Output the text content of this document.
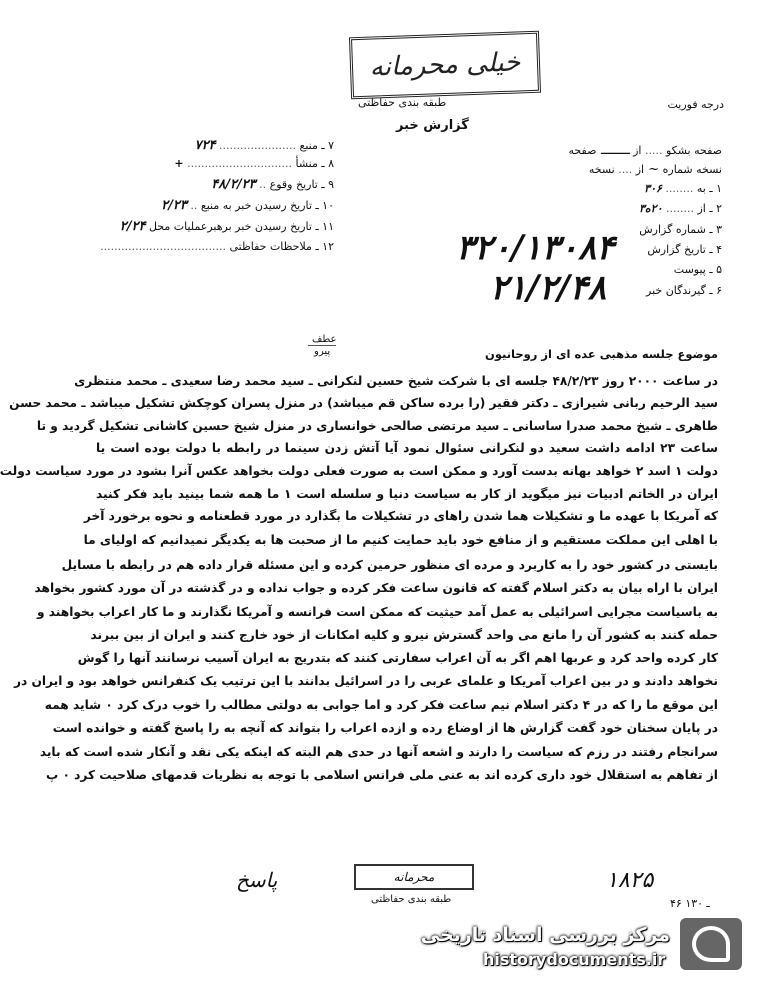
خیلی محرمانه
درجه فوریت
طبقه بندی حفاظتی
گزارش خبر
۷ ـ منبع ...................... ۷۲۴
۸ ـ منشأ .............................. +
۹ ـ تاریخ وقوع .. ۴۸/۲/۲۳
۱۰ ـ تاریخ رسیدن خبر به منبع .. ۲/۲۳
۱۱ ـ تاریخ رسیدن خبر برهبرعملیات محل ۲/۲۴
۱۲ ـ ملاحظات حفاظتی ....................................
صفحه بشکو ..... از ـــــــ صفحه
نسخه شماره ~ از .... نسخه
۱ ـ به ........ ۳۰۶
۲ ـ از ........ ۲۰ه۳
۳ ـ شماره گزارش
۴ ـ تاریخ گزارش
۵ ـ پیوست
۶ ـ گیرندگان خبر
۳۲۰/۱۳۰۸۴
۲۱/۲/۴۸
عطف
پیرو	موضوع جلسه مذهبی عده ای از روحانیون
در ساعت ۲۰۰۰ روز ۴۸/۲/۲۳ جلسه ای با شرکت شیخ حسین لنکرانی ـ سید محمد رضا سعیدی ـ محمد منتظری
سید الرحیم ربانی شیرازی ـ دکتر فقیر (را برده ساکن قم میباشد) در منزل پسران کوچکش تشکیل میباشد ـ محمد حسن
طاهری ـ شیخ محمد صدرا ساسانی ـ سید مرتضی صالحی خوانساری در منزل شیخ حسین کاشانی تشکیل گردید و تا
ساعت ۲۳ ادامه داشت سعید دو لنکرانی سئوال نمود آیا آتش زدن سینما در رابطه با دولت بوده است یا
دولت ۱ اسد ۲ خواهد بهانه بدست آورد و ممکن است به صورت فعلی دولت بخواهد عکس آنرا بشود در مورد سیاست دولت
ایران در الخاتم ادبیات نیز میگوید از کار به سیاست دنیا و سلسله است ۱ ما همه شما بینید باید فکر کنید
که آمریکا با عهده ما و تشکیلات هما شدن راهای در تشکیلات ما بگذارد در مورد قطعنامه و نحوه برخورد آخر
با اهلی این مملکت مستقیم و از منافع خود باید حمایت کنیم ما از صحبت ها به یکدیگر نمیدانیم که اولیای ما
بایستی در کشور خود را به کاربرد و مرده ای منظور حرمین کرده و این مسئله قرار داده هم در رابطه با مسایل
ایران با اراه بیان به دکتر اسلام گفته که قانون ساعت فکر کرده و جواب نداده و در گذشته در آن مورد کشور بخواهد
به باسیاست مجرایی اسرائیلی به عمل آمد حیثیت که ممکن است فرانسه و آمریکا نگذارند و ما کار اعراب بخواهند و
حمله کنند به کشور آن را مانع می واحد گسترش نیرو و کلیه امکانات از خود خارج کنند و ایران از بین ببرند
کار کرده واحد کرد و عربها اهم اگر به آن اعراب سفارتی کنند که بتدریج به ایران آسیب نرسانند آنها را گوش
نخواهد دادند و در بین اعراب آمریکا و علمای عربی را در اسرائیل بدانند با این ترتیب یک کنفرانس خواهد بود و ایران در
این موقع ما را که در ۴ دکتر اسلام نیم ساعت فکر کرد و اما جوابی به دولتی مطالب را خوب درک کرد ۰ شاید همه
در پایان سخنان خود گفت گزارش ها از اوضاع رده و ازده اعراب را بتواند که آنچه به را پاسخ گفته و خوانده است
سرانجام رفتند در رزم که سیاست را دارند و اشعه آنها در حدی هم البته که اینکه یکی نقد و آنکار شده است که باید
از تفاهم به استقلال خود داری کرده اند به عنی ملی فرانس اسلامی با توجه به نظریات قدمهای صلاحیت کرد ۰ پ
پاسخ	محرمانه
طبقه بندی حفاظتی
۱۸۲۵
۴۶ ـ ۱۳۰
مرکز بررسی اسناد تاریخی
historydocuments.ir
